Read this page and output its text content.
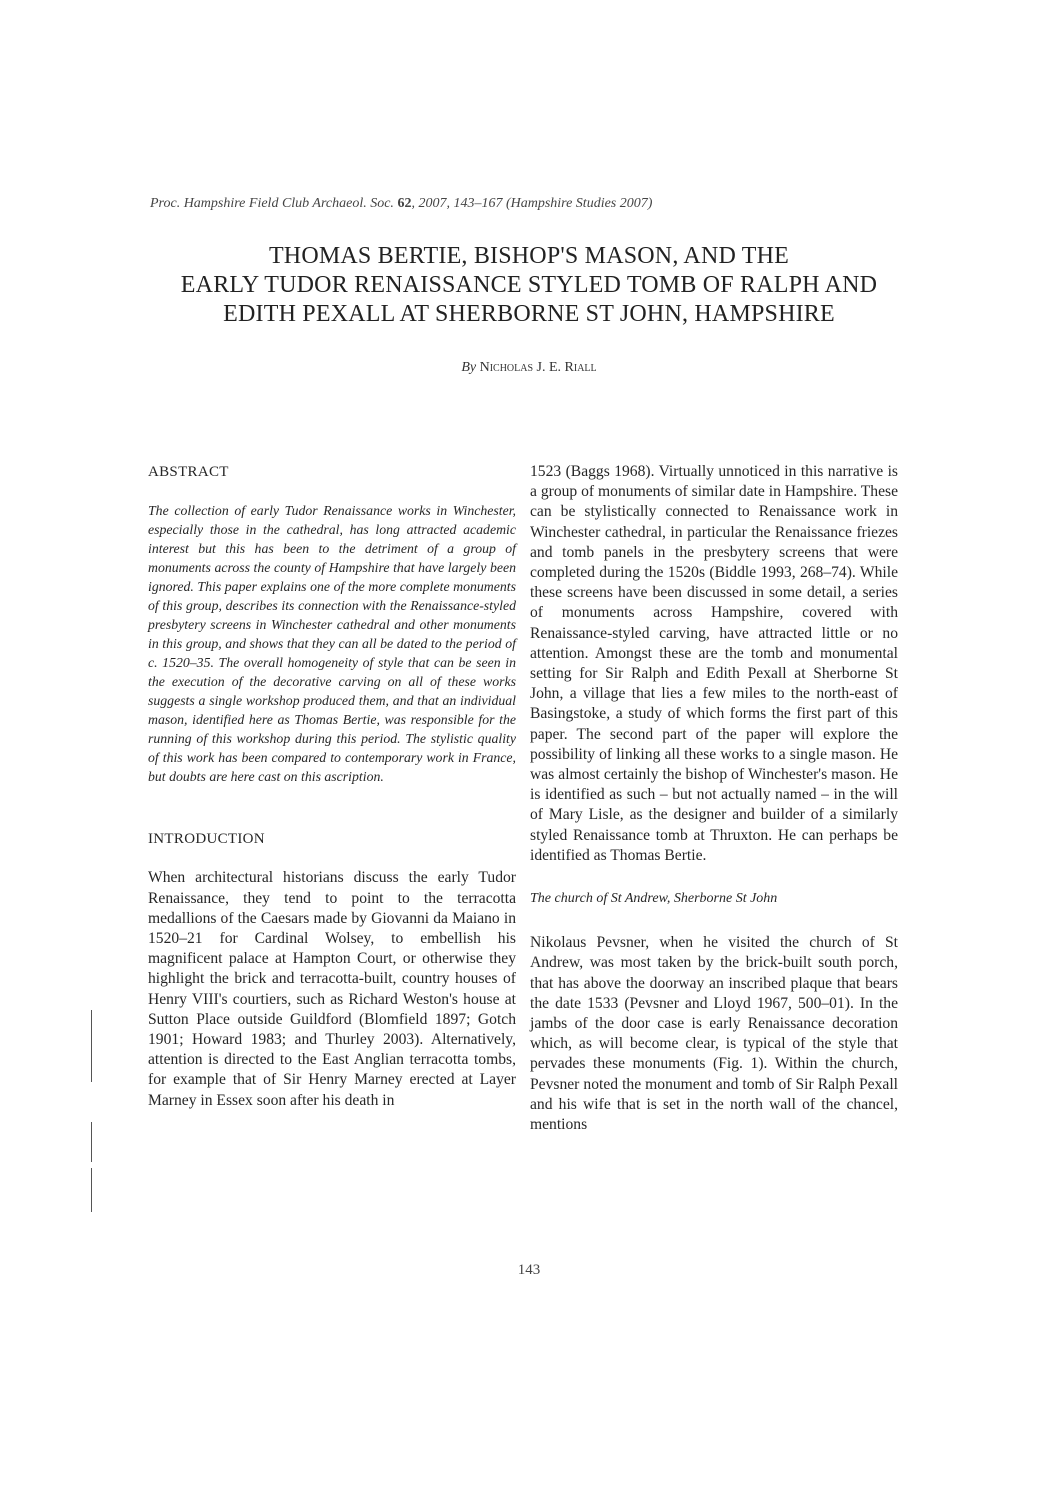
Proc. Hampshire Field Club Archaeol. Soc. 62, 2007, 143–167 (Hampshire Studies 2007)
THOMAS BERTIE, BISHOP'S MASON, AND THE
EARLY TUDOR RENAISSANCE STYLED TOMB OF RALPH AND
EDITH PEXALL AT SHERBORNE ST JOHN, HAMPSHIRE
By Nicholas J. E. Riall
ABSTRACT
The collection of early Tudor Renaissance works in Winchester, especially those in the cathedral, has long attracted academic interest but this has been to the detriment of a group of monuments across the county of Hampshire that have largely been ignored. This paper explains one of the more complete monuments of this group, describes its connection with the Renaissance-styled presbytery screens in Winchester cathedral and other monuments in this group, and shows that they can all be dated to the period of c. 1520–35. The overall homogeneity of style that can be seen in the execution of the decorative carving on all of these works suggests a single workshop produced them, and that an individual mason, identified here as Thomas Bertie, was responsible for the running of this workshop during this period. The stylistic quality of this work has been compared to contemporary work in France, but doubts are here cast on this ascription.
INTRODUCTION
When architectural historians discuss the early Tudor Renaissance, they tend to point to the terracotta medallions of the Caesars made by Giovanni da Maiano in 1520–21 for Cardinal Wolsey, to embellish his magnificent palace at Hampton Court, or otherwise they highlight the brick and terracotta-built, country houses of Henry VIII's courtiers, such as Richard Weston's house at Sutton Place outside Guildford (Blomfield 1897; Gotch 1901; Howard 1983; and Thurley 2003). Alternatively, attention is directed to the East Anglian terracotta tombs, for example that of Sir Henry Marney erected at Layer Marney in Essex soon after his death in
1523 (Baggs 1968). Virtually unnoticed in this narrative is a group of monuments of similar date in Hampshire. These can be stylistically connected to Renaissance work in Winchester cathedral, in particular the Renaissance friezes and tomb panels in the presbytery screens that were completed during the 1520s (Biddle 1993, 268–74). While these screens have been discussed in some detail, a series of monuments across Hampshire, covered with Renaissance-styled carving, have attracted little or no attention. Amongst these are the tomb and monumental setting for Sir Ralph and Edith Pexall at Sherborne St John, a village that lies a few miles to the north-east of Basingstoke, a study of which forms the first part of this paper. The second part of the paper will explore the possibility of linking all these works to a single mason. He was almost certainly the bishop of Winchester's mason. He is identified as such – but not actually named – in the will of Mary Lisle, as the designer and builder of a similarly styled Renaissance tomb at Thruxton. He can perhaps be identified as Thomas Bertie.
The church of St Andrew, Sherborne St John
Nikolaus Pevsner, when he visited the church of St Andrew, was most taken by the brick-built south porch, that has above the doorway an inscribed plaque that bears the date 1533 (Pevsner and Lloyd 1967, 500–01). In the jambs of the door case is early Renaissance decoration which, as will become clear, is typical of the style that pervades these monuments (Fig. 1). Within the church, Pevsner noted the monument and tomb of Sir Ralph Pexall and his wife that is set in the north wall of the chancel, mentions
143
